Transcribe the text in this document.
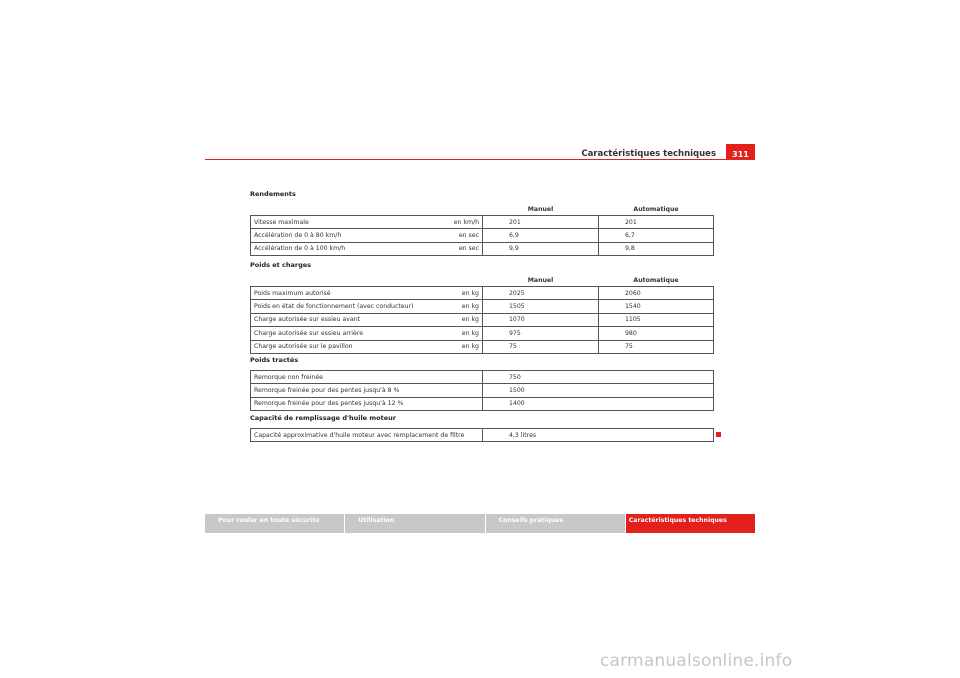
Caractéristiques techniques	311
Rendements
	Manuel	Automatique

Vitesse maximale en km/h	201	201

Accélération de 0 à 80 km/h en sec	6,9	6,7

Accélération de 0 à 100 km/h en sec	9,9	9,8
Poids et charges
	Manuel	Automatique

Poids maximum autorisé en kg	2025	2060

Poids en état de fonctionnement (avec conducteur) en kg	1505	1540

Charge autorisée sur essieu avant en kg	1070	1105

Charge autorisée sur essieu arrière en kg	975	980

Charge autorisée sur le pavillon en kg	75	75
Poids tractés
Remorque non freinée	750
Remorque freinée pour des pentes jusqu'à 8 %	1500
Remorque freinée pour des pentes jusqu'à 12 %	1400
Capacité de remplissage d'huile moteur
Capacité approximative d'huile moteur avec remplacement de filtre	4,3 litres
Pour rouler en toute sécurité	Utilisation	Conseils pratiques	Caractéristiques techniques
carmanualsonline.info
